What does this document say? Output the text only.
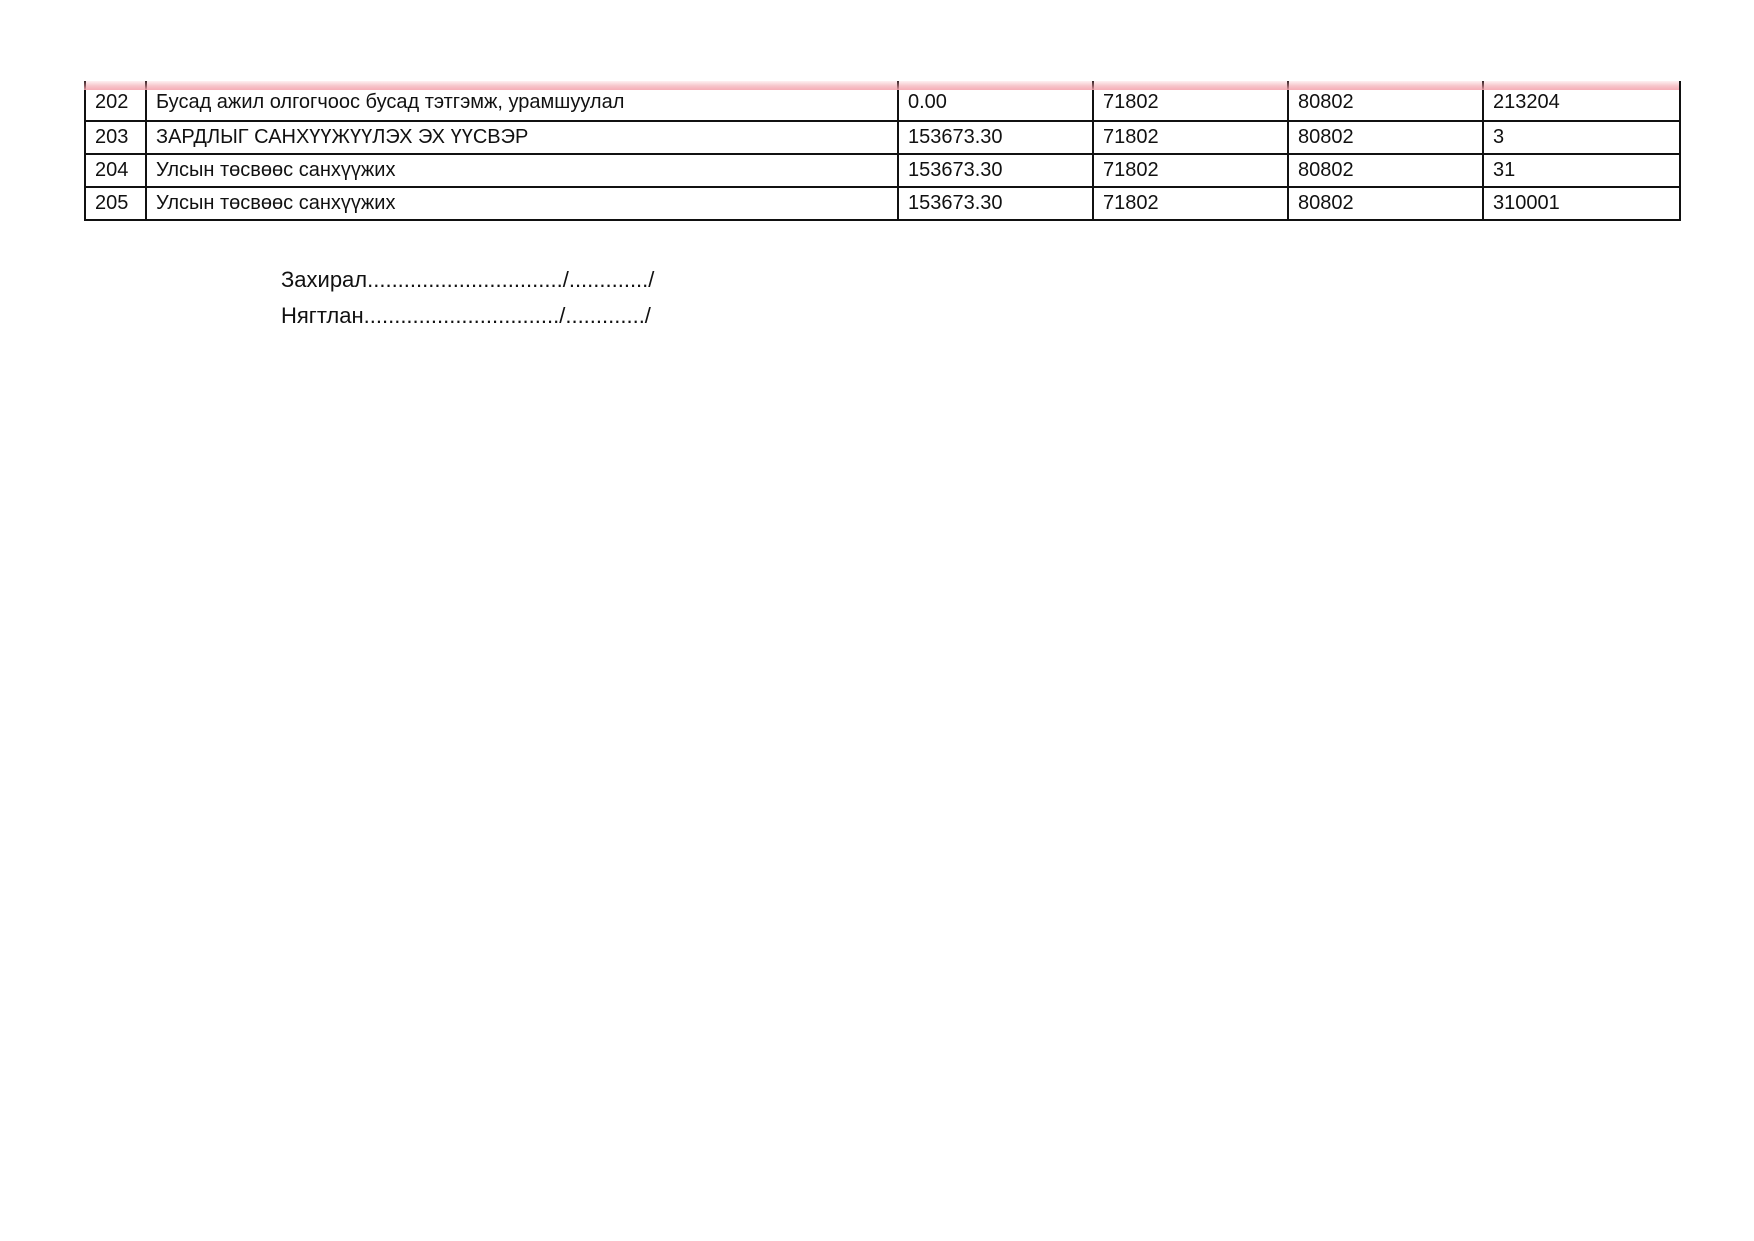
202	Бусад ажил олгогчоос бусад тэтгэмж, урамшуулал	0.00	71802	80802	213204
203	ЗАРДЛЫГ САНХҮҮЖҮҮЛЭХ ЭХ ҮҮСВЭР	153673.30	71802	80802	3
204	Улсын төсвөөс санхүүжих	153673.30	71802	80802	31
205	Улсын төсвөөс санхүүжих	153673.30	71802	80802	310001
Захирал................................/............./
Нягтлан................................/............./
